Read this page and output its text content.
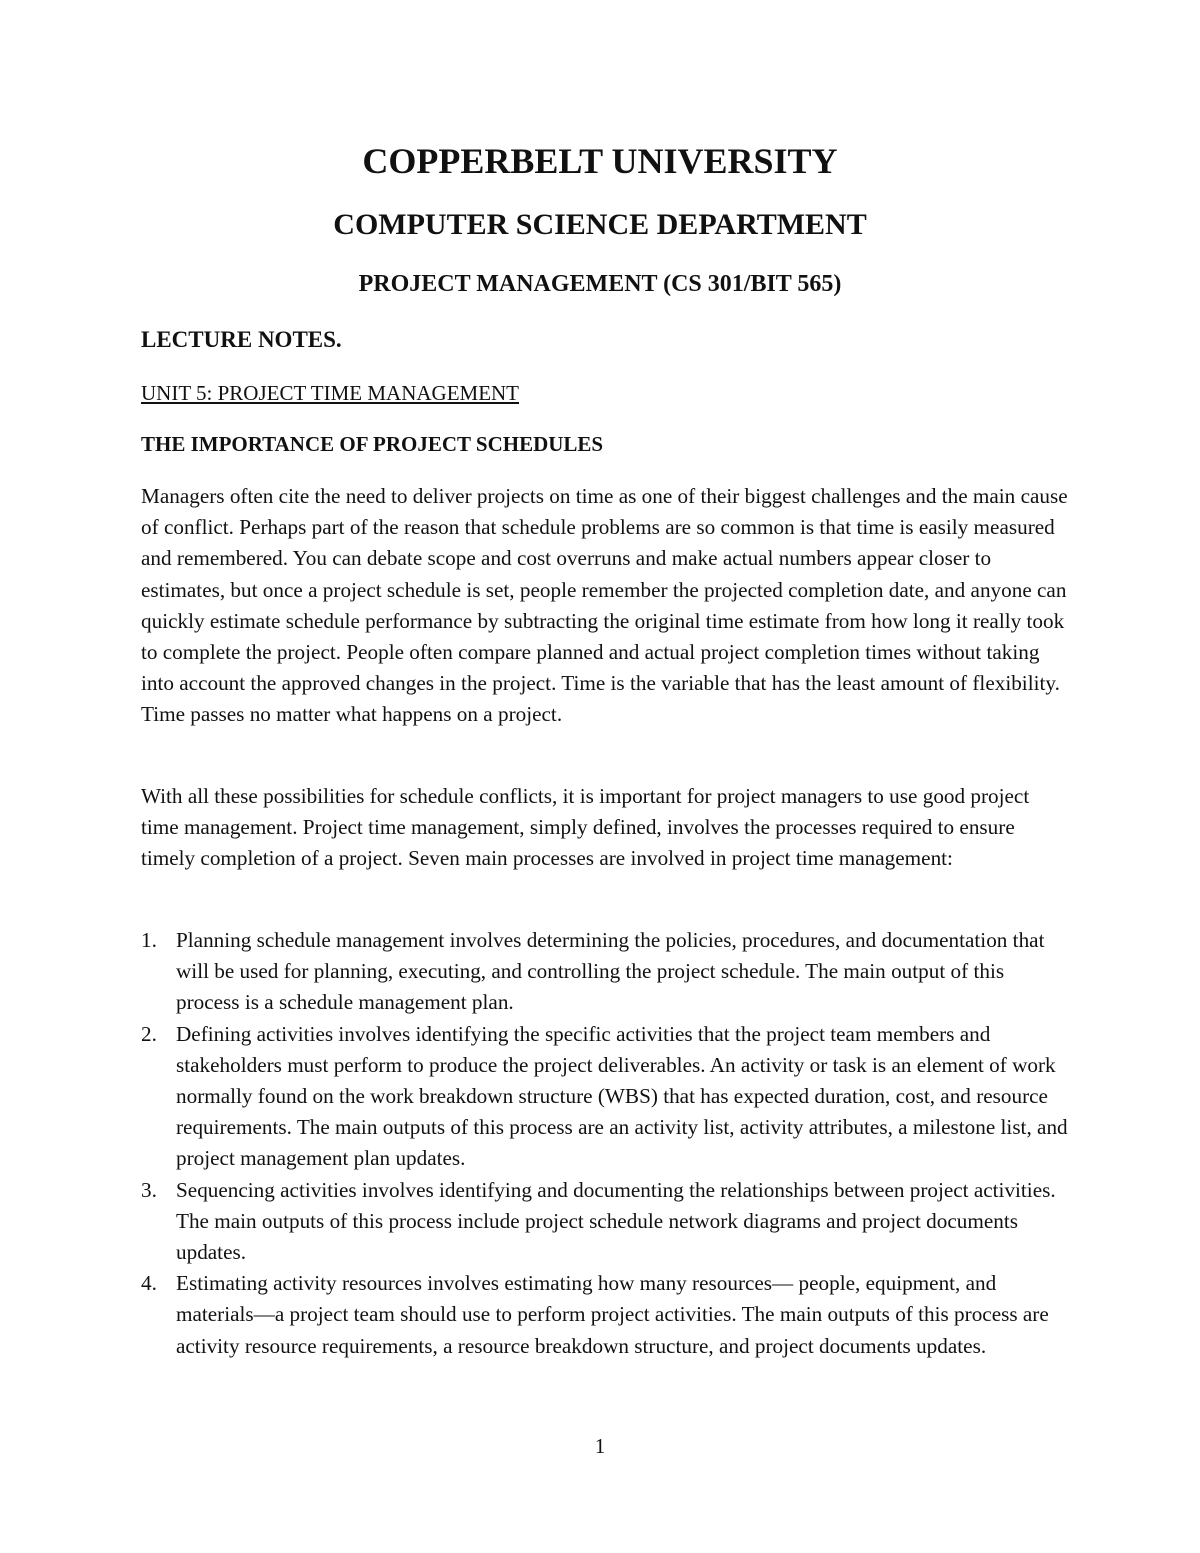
COPPERBELT UNIVERSITY
COMPUTER SCIENCE DEPARTMENT
PROJECT MANAGEMENT (CS 301/BIT 565)

LECTURE NOTES.

UNIT 5: PROJECT TIME MANAGEMENT

THE IMPORTANCE OF PROJECT SCHEDULES

Managers often cite the need to deliver projects on time as one of their biggest challenges and the main cause of conflict. Perhaps part of the reason that schedule problems are so common is that time is easily measured and remembered. You can debate scope and cost overruns and make actual numbers appear closer to estimates, but once a project schedule is set, people remember the projected completion date, and anyone can quickly estimate schedule performance by subtracting the original time estimate from how long it really took to complete the project. People often compare planned and actual project completion times without taking into account the approved changes in the project. Time is the variable that has the least amount of flexibility. Time passes no matter what happens on a project.

With all these possibilities for schedule conflicts, it is important for project managers to use good project time management. Project time management, simply defined, involves the processes required to ensure timely completion of a project. Seven main processes are involved in project time management:

1. Planning schedule management involves determining the policies, procedures, and documentation that will be used for planning, executing, and controlling the project schedule. The main output of this process is a schedule management plan.
2. Defining activities involves identifying the specific activities that the project team members and stakeholders must perform to produce the project deliverables. An activity or task is an element of work normally found on the work breakdown structure (WBS) that has expected duration, cost, and resource requirements. The main outputs of this process are an activity list, activity attributes, a milestone list, and project management plan updates.
3. Sequencing activities involves identifying and documenting the relationships between project activities. The main outputs of this process include project schedule network diagrams and project documents updates.
4. Estimating activity resources involves estimating how many resources— people, equipment, and materials—a project team should use to perform project activities. The main outputs of this process are activity resource requirements, a resource breakdown structure, and project documents updates.

1
